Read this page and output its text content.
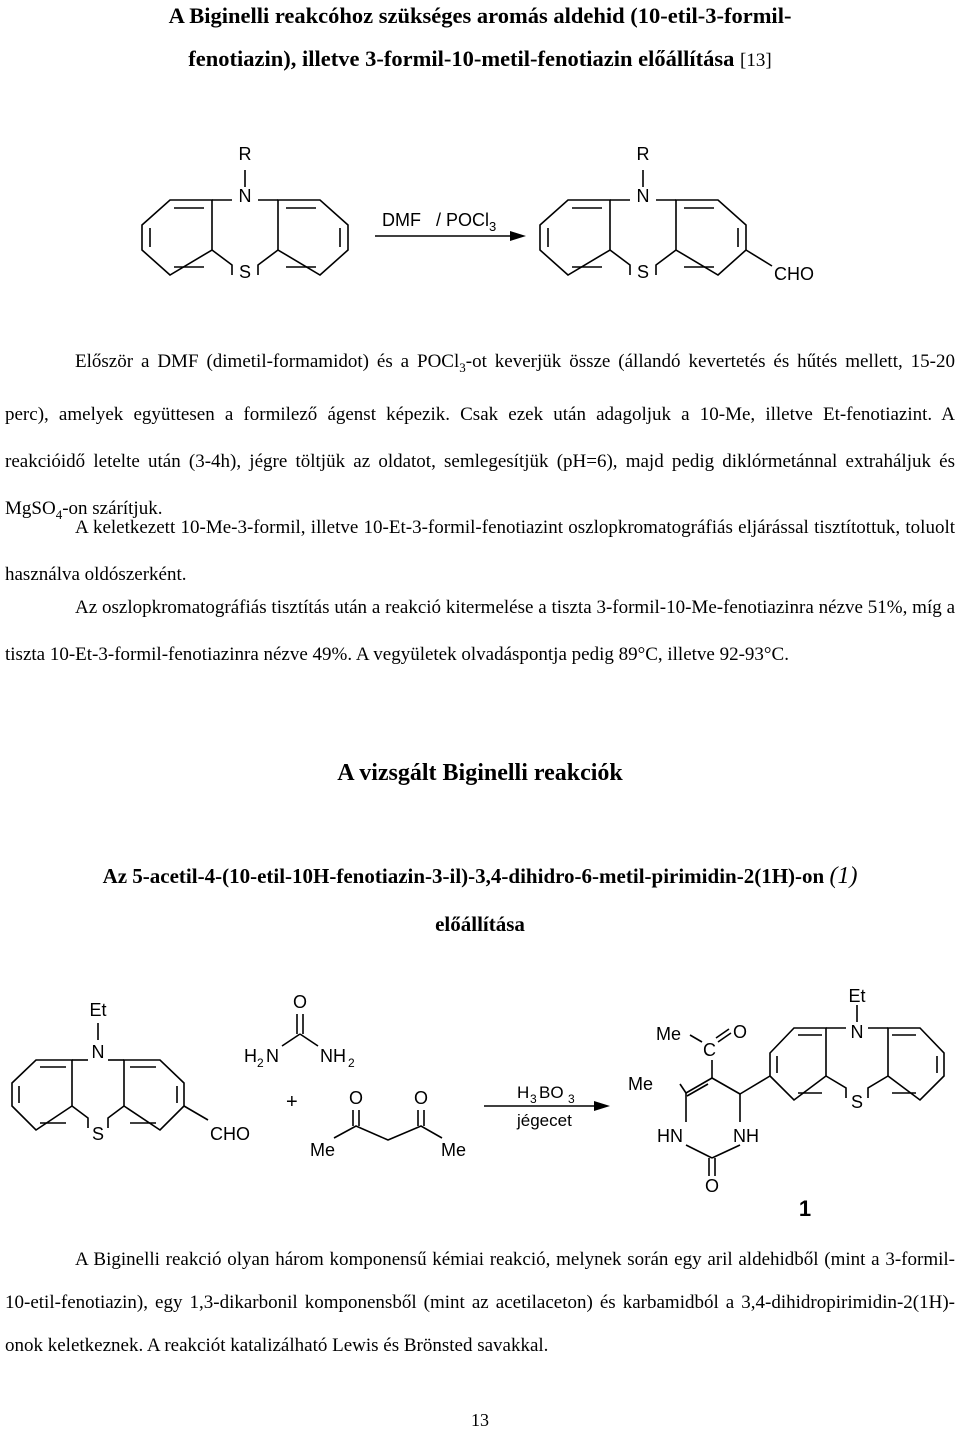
A Biginelli reakcóhoz szükséges aromás aldehid (10-etil-3-formil-
fenotiazin), illetve 3-formil-10-metil-fenotiazin előállítása [13]
R
N
S
DMF / POCl 3
R
N
S	CHO
Először a DMF (dimetil-formamidot) és a POCl$_3$-ot keverjük össze (állandó kevertetés és hűtés mellett, 15-20 perc), amelyek együttesen a formilező ágenst képezik. Csak ezek után adagoljuk a 10-Me, illetve Et-fenotiazint. A reakcióidő letelte után (3-4h), jégre töltjük az oldatot, semlegesítjük (pH=6), majd pedig diklórmetánnal extraháljuk és MgSO$_4$-on szárítjuk.
A keletkezett 10-Me-3-formil, illetve 10-Et-3-formil-fenotiazint oszlopkromatográfiás eljárással tisztítottuk, toluolt használva oldószerként.
Az oszlopkromatográfiás tisztítás után a reakció kitermelése a tiszta 3-formil-10-Me-fenotiazinra nézve 51%, míg a tiszta 10-Et-3-formil-fenotiazinra nézve 49%. A vegyületek olvadáspontja pedig 89°C, illetve 92-93°C.
A vizsgált Biginelli reakciók
Az 5-acetil-4-(10-etil-10H-fenotiazin-3-il)-3,4-dihidro-6-metil-pirimidin-2(1H)-on (1)
előállítása
Et
N
S	CHO
O
H 2 N NH 2
+	O	O
Me	Me
H 3 BO 3
jégecet
Me
C
O
Me
HN	NH
O
Et
N
S
1
A Biginelli reakció olyan három komponensű kémiai reakció, melynek során egy aril aldehidből (mint a 3-formil-10-etil-fenotiazin), egy 1,3-dikarbonil komponensből (mint az acetilaceton) és karbamidból a 3,4-dihidropirimidin-2(1H)-onok keletkeznek. A reakciót katalizálható Lewis és Brönsted savakkal.
13
